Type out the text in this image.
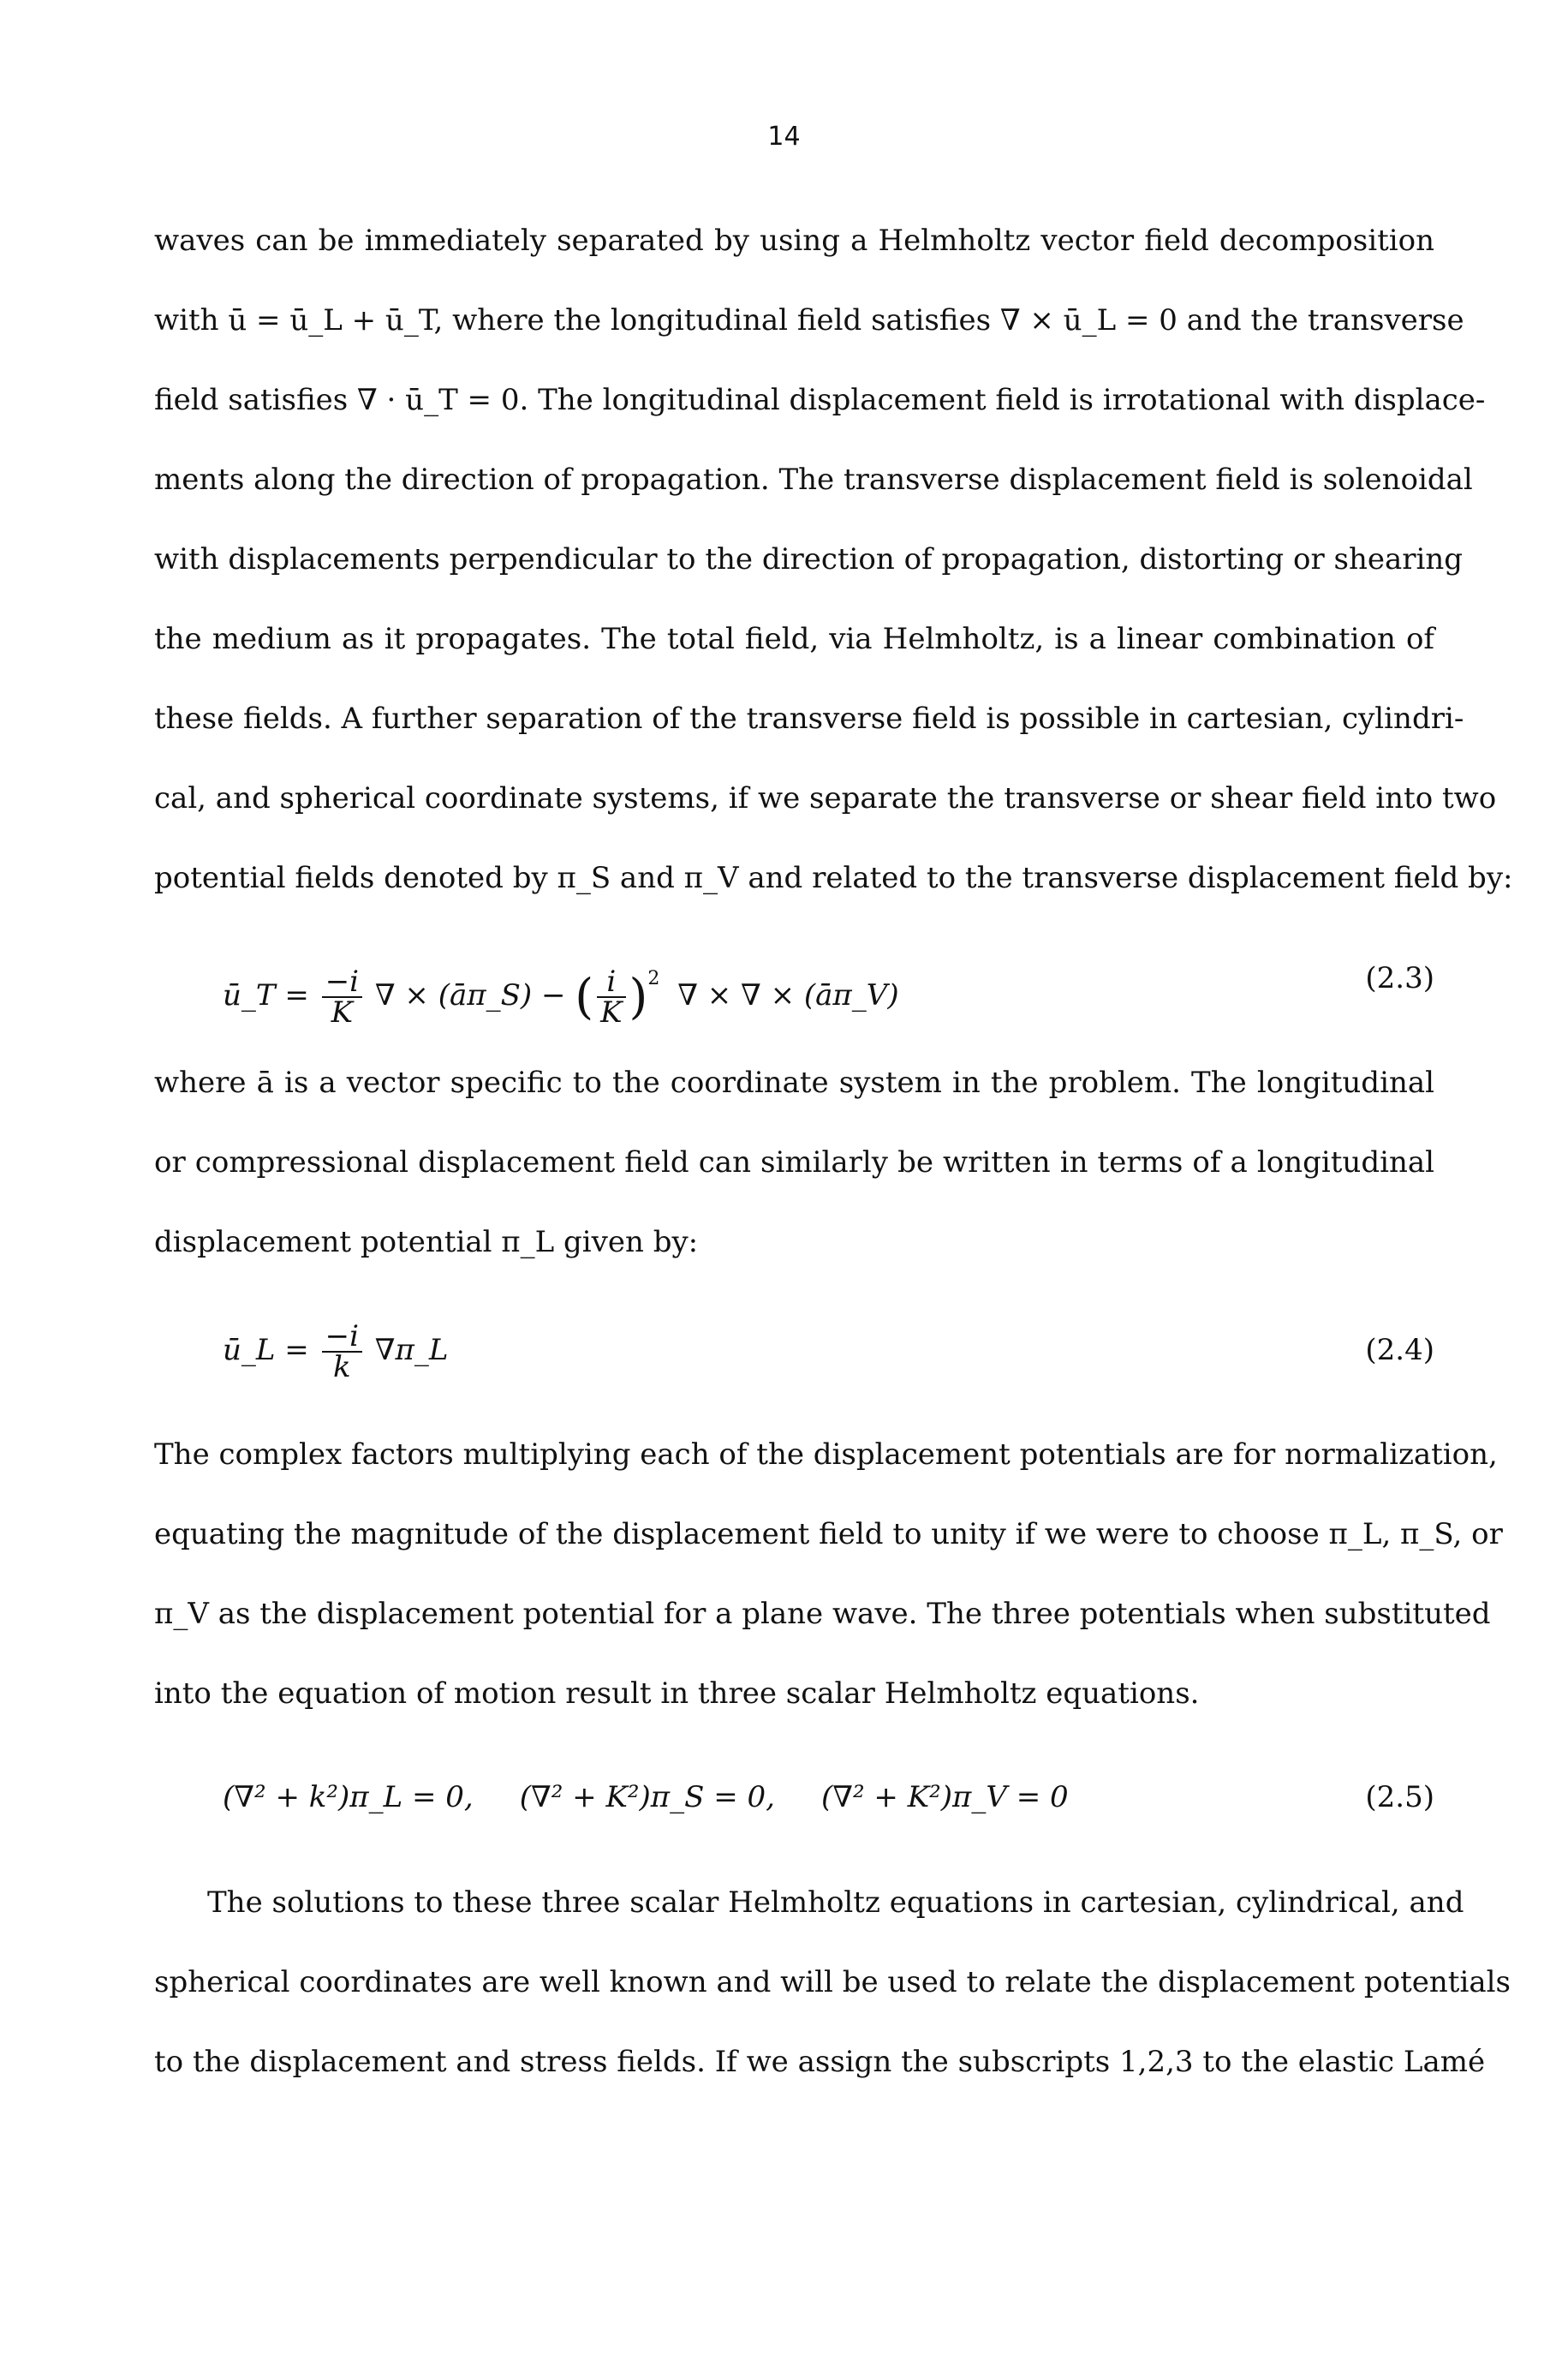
14
waves can be immediately separated by using a Helmholtz vector field decomposition
with ū = ū_L + ū_T, where the longitudinal field satisfies ∇ × ū_L = 0 and the transverse
field satisfies ∇ · ū_T = 0. The longitudinal displacement field is irrotational with displace-
ments along the direction of propagation. The transverse displacement field is solenoidal
with displacements perpendicular to the direction of propagation, distorting or shearing
the medium as it propagates. The total field, via Helmholtz, is a linear combination of
these fields. A further separation of the transverse field is possible in cartesian, cylindri-
cal, and spherical coordinate systems, if we separate the transverse or shear field into two
potential fields denoted by π_S and π_V and related to the transverse displacement field by:
ū_T = $\frac{-i}{K}$ ∇ × (āπ_S) − ( $\frac{i}{K} )^2$ ∇ × ∇ × (āπ_V)	(2.3)
where ā is a vector specific to the coordinate system in the problem. The longitudinal
or compressional displacement field can similarly be written in terms of a longitudinal
displacement potential π_L given by:
ū_L = $\frac{-i}{k}$ ∇π_L	(2.4)
The complex factors multiplying each of the displacement potentials are for normalization,
equating the magnitude of the displacement field to unity if we were to choose π_L, π_S, or
π_V as the displacement potential for a plane wave. The three potentials when substituted
into the equation of motion result in three scalar Helmholtz equations.
(∇² + k²)π_L = 0,     (∇² + K²)π_S = 0,     (∇² + K²)π_V = 0	(2.5)
The solutions to these three scalar Helmholtz equations in cartesian, cylindrical, and
spherical coordinates are well known and will be used to relate the displacement potentials
to the displacement and stress fields. If we assign the subscripts 1,2,3 to the elastic Lamé
